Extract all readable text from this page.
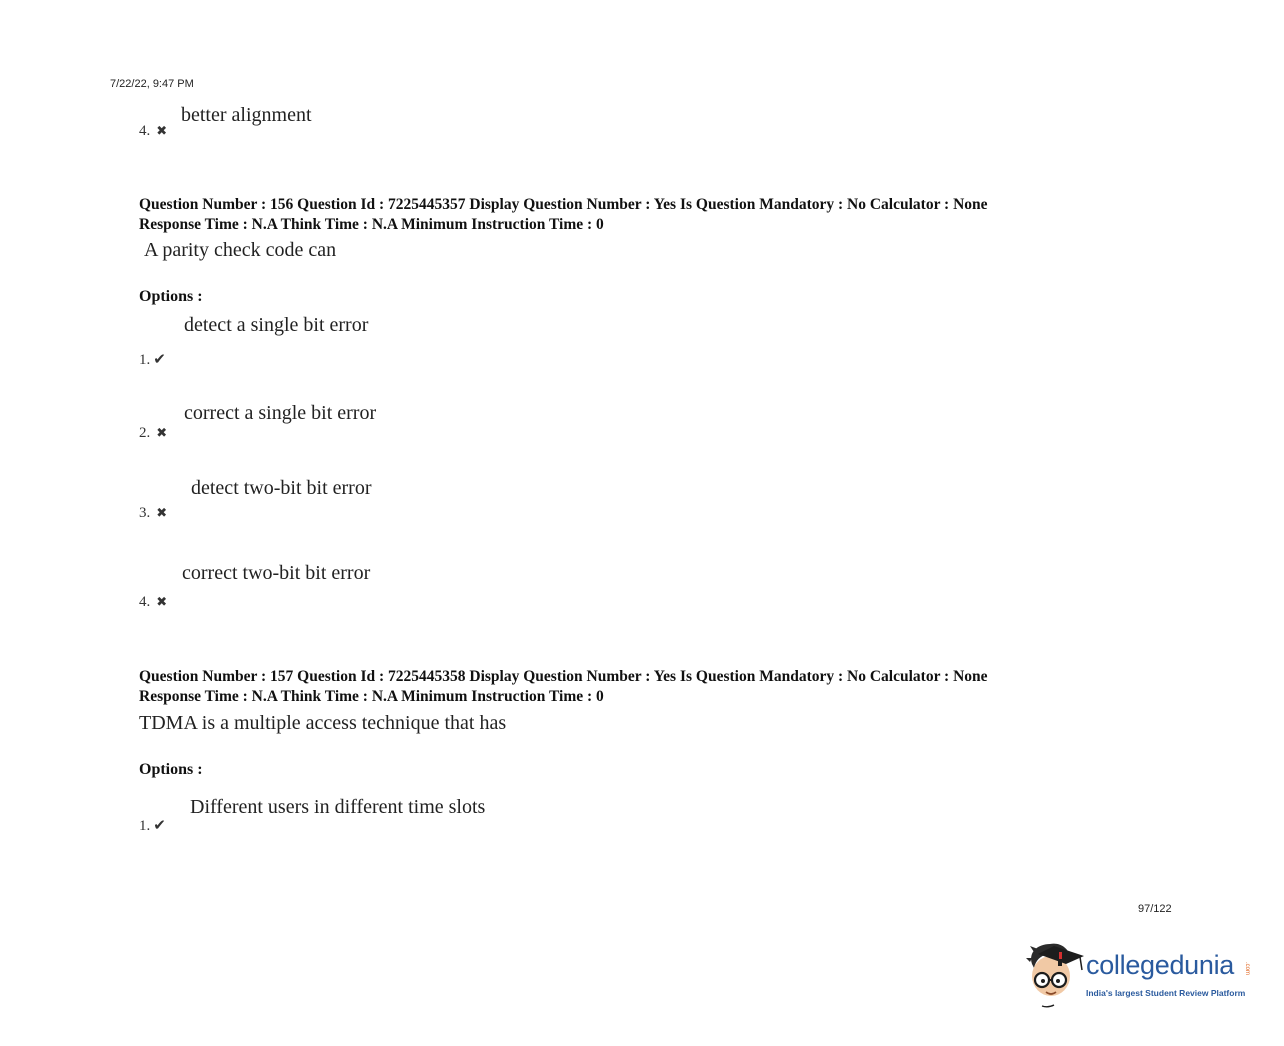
7/22/22, 9:47 PM
better alignment
4. ✖
Question Number : 156 Question Id : 7225445357 Display Question Number : Yes Is Question Mandatory : No Calculator : None
Response Time : N.A Think Time : N.A Minimum Instruction Time : 0
A parity check code can
Options :
detect a single bit error
1. ✔
correct a single bit error
2. ✖
detect two-bit bit error
3. ✖
correct two-bit bit error
4. ✖
Question Number : 157 Question Id : 7225445358 Display Question Number : Yes Is Question Mandatory : No Calculator : None
Response Time : N.A Think Time : N.A Minimum Instruction Time : 0
TDMA is a multiple access technique that has
Options :
Different users in different time slots
1. ✔
97/122
collegedunia .com
India's largest Student Review Platform
